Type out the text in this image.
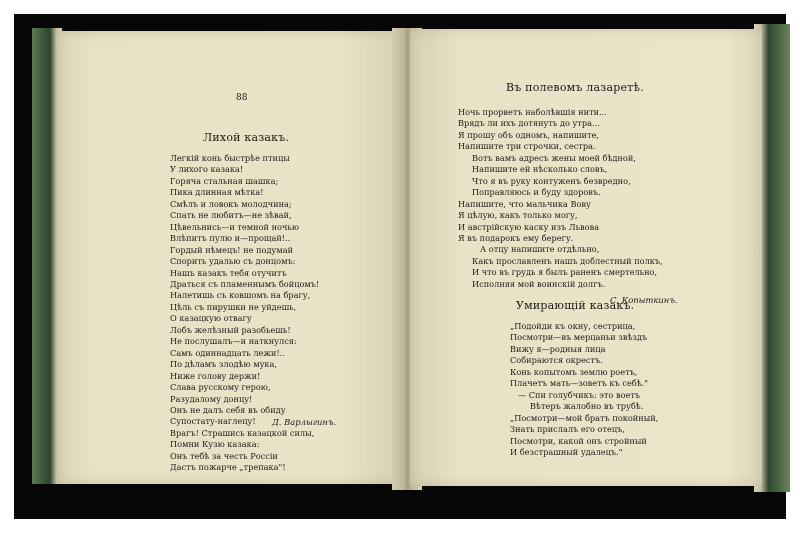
88
Лихой казакъ.
Легкій конь быстрѣе птицы
У лихого казака!
Горяча стальная шашка;
Пика длинная мѣтка!
Смѣлъ и ловокъ молодчина;
Спать не любитъ—не зѣвай,
Цѣвельнись—и темной ночью
Влѣпитъ пулю и—прощай!..
Гордый нѣмецъ! не подумай
Спорить удалью съ донцомъ:
Нашъ казакъ тебя отучитъ
Драться съ пламеннымъ бойцомъ!
Налетишь съ ковшомъ на брагу,
Цѣль съ пирушки не уйдешь,
О казацкую отвагу
Лобъ желѣзный разобьешь!
Не послушалъ—и наткнулся:
Самъ одиннадцать лежи!..
По дѣламъ злодѣю мука,
Ниже голову держи!
Слава русскому герою,
Разудалому донцу!
Онъ не далъ себя въ обиду
Супостату-наглецу!
Врагъ! Страшись казацкой силы,
Помни Кузю казака:
Онъ тебѣ за честь Россіи
Дастъ пожарче „трепака"!
Д. Варлыгинъ.
Въ полевомъ лазаретѣ.
Ночь прорветъ наболѣвшія нити...
Врядъ ли ихъ дотянуть до утра...
Я прошу объ одномъ, напишите,
Напишите три строчки, сестра.
Вотъ вамъ адресъ жены моей бѣдной,
Напишите ей нѣсколько словъ,
Что я въ руку контуженъ безвредно,
Поправляюсь и буду здоровъ.
Напишите, что мальчика Вову
Я цѣлую, какъ только могу,
И австрійскую каску изъ Львова
Я въ подарокъ ему берегу.
А отцу напишите отдѣльно,
Какъ прославленъ нашъ доблестный полкъ,
И что въ грудь я былъ раненъ смертельно,
Исполняя мой воинскій долгъ.
С. Копыткинъ.
Умирающій казакъ.
„Подойди къ окну, сестрица,
Посмотри—въ мерцаньи звѣздъ
Вижу я—родныя лица
Собираются окрестъ.
Конь копытомъ землю роетъ,
Плачетъ мать—зоветъ къ себѣ."
— Спи голубчикъ: это воетъ
Вѣтеръ жалобно въ трубѣ.
„Посмотри—мой братъ покойный,
Знать прислалъ его отецъ,
Посмотри, какой онъ стройный
И безстрашный удалецъ."
